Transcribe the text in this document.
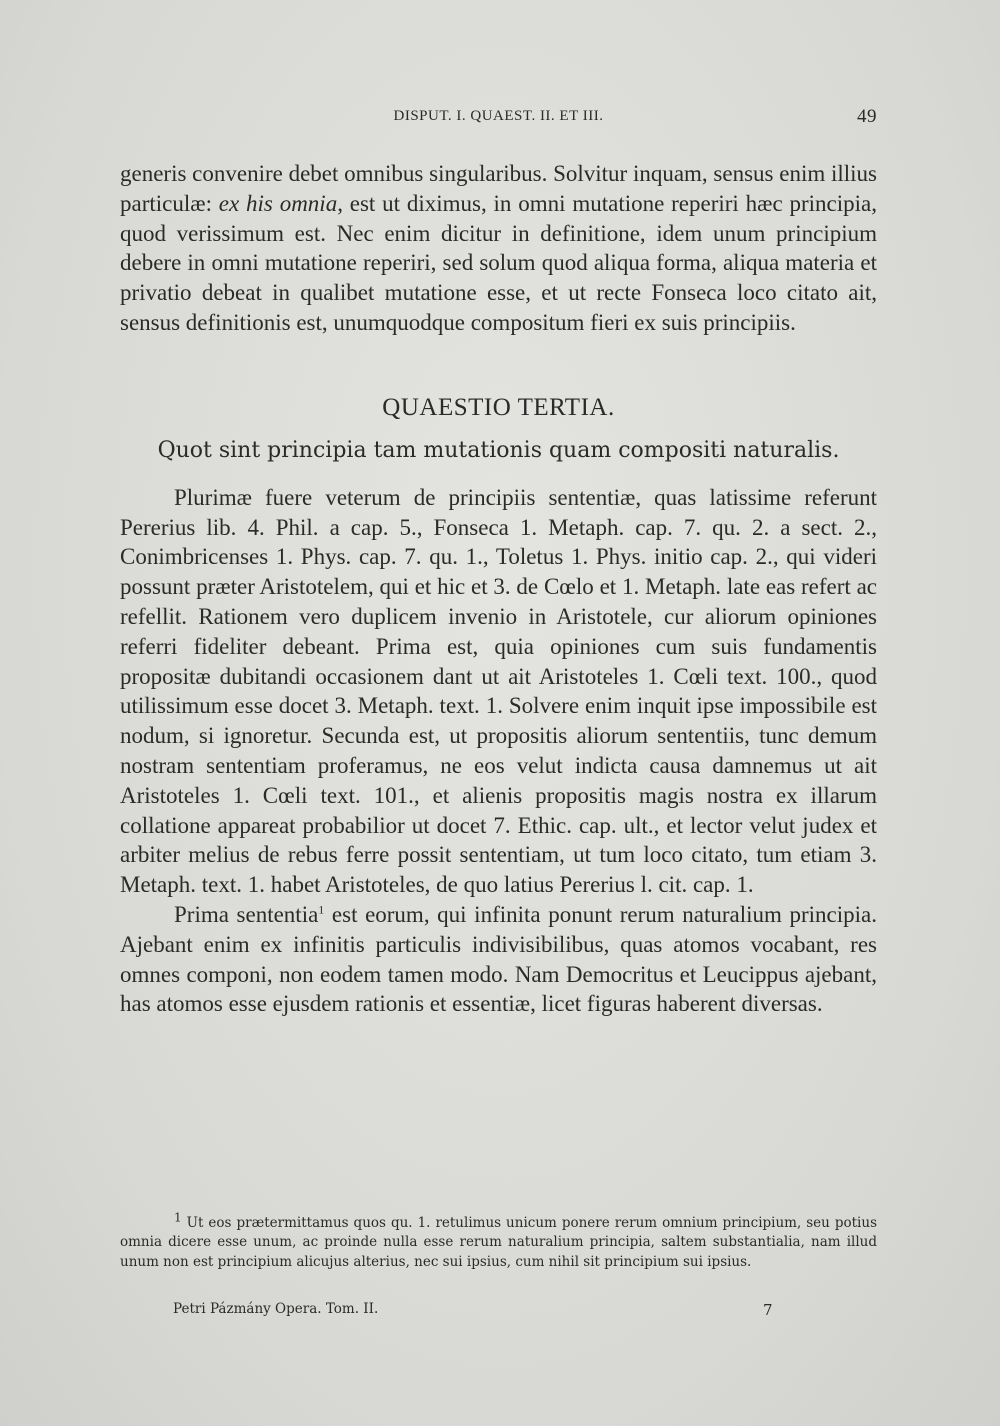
DISPUT. I. QUAEST. II. ET III.	49

generis convenire debet omnibus singularibus. Solvitur inquam, sensus enim illius particulæ: ex his omnia, est ut diximus, in omni mutatione reperiri hæc principia, quod verissimum est. Nec enim dicitur in definitione, idem unum principium debere in omni mutatione reperiri, sed solum quod aliqua forma, aliqua materia et privatio debeat in qualibet mutatione esse, et ut recte Fonseca loco citato ait, sensus definitionis est, unumquodque compositum fieri ex suis principiis.

QUAESTIO TERTIA.
Quot sint principia tam mutationis quam compositi naturalis.

Plurimæ fuere veterum de principiis sententiæ, quas latissime referunt Pererius lib. 4. Phil. a cap. 5., Fonseca 1. Metaph. cap. 7. qu. 2. a sect. 2., Conimbricenses 1. Phys. cap. 7. qu. 1., Toletus 1. Phys. initio cap. 2., qui videri possunt præter Aristotelem, qui et hic et 3. de Cœlo et 1. Metaph. late eas refert ac refellit. Rationem vero duplicem invenio in Aristotele, cur aliorum opiniones referri fideliter debeant. Prima est, quia opiniones cum suis fundamentis propositæ dubitandi occasionem dant ut ait Aristoteles 1. Cœli text. 100., quod utilissimum esse docet 3. Metaph. text. 1. Solvere enim inquit ipse impossibile est nodum, si ignoretur. Secunda est, ut propositis aliorum sententiis, tunc demum nostram sententiam proferamus, ne eos velut indicta causa damnemus ut ait Aristoteles 1. Cœli text. 101., et alienis propositis magis nostra ex illarum collatione appareat probabilior ut docet 7. Ethic. cap. ult., et lector velut judex et arbiter melius de rebus ferre possit sententiam, ut tum loco citato, tum etiam 3. Metaph. text. 1. habet Aristoteles, de quo latius Pererius l. cit. cap. 1.

Prima sententia$^1$ est eorum, qui infinita ponunt rerum naturalium principia. Ajebant enim ex infinitis particulis indivisibilibus, quas atomos vocabant, res omnes componi, non eodem tamen modo. Nam Democritus et Leucippus ajebant, has atomos esse ejusdem rationis et essentiæ, licet figuras haberent diversas.

$^1$ Ut eos prætermittamus quos qu. 1. retulimus unicum ponere rerum omnium principium, seu potius omnia dicere esse unum, ac proinde nulla esse rerum naturalium principia, saltem substantialia, nam illud unum non est principium alicujus alterius, nec sui ipsius, cum nihil sit principium sui ipsius.

Petri Pázmány Opera. Tom. II.	7
